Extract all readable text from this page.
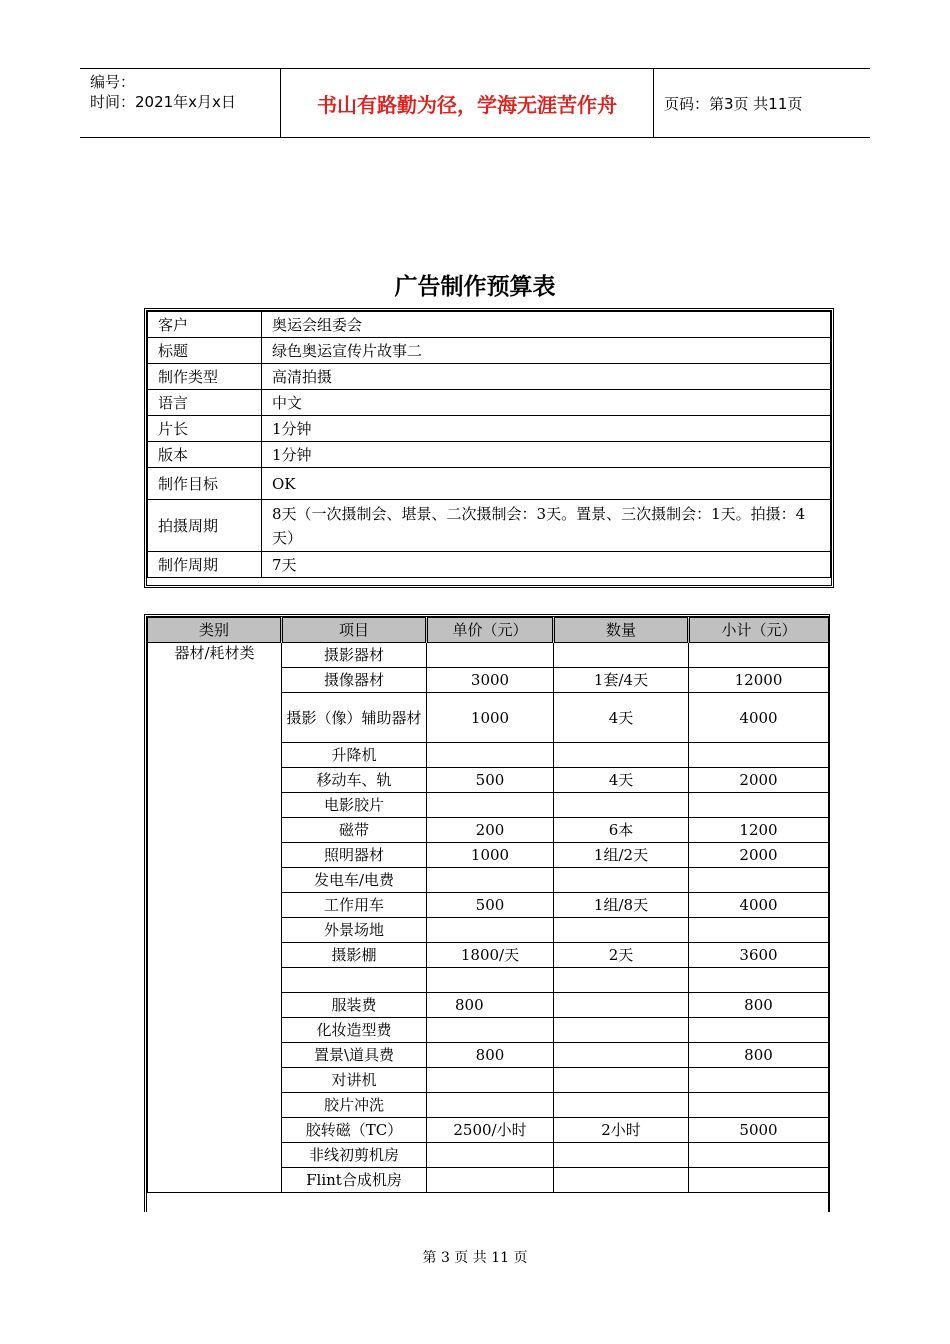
编号：
时间：2021年x月x日	书山有路勤为径，学海无涯苦作舟	页码：第3页 共11页
广告制作预算表
客户	奥运会组委会
标题	绿色奥运宣传片故事二
制作类型	高清拍摄
语言	中文
片长	1分钟
版本	1分钟
制作目标	OK
拍摄周期	8天（一次摄制会、堪景、二次摄制会：3天。置景、三次摄制会：1天。拍摄：4天）
制作周期	7天
类别	项目	单价（元）	数量	小计（元）
器材/耗材类	摄影器材			
	摄像器材	3000	1套/4天	12000
	摄影（像）辅助器材	1000	4天	4000
	升降机			
	移动车、轨	500	4天	2000
	电影胶片			
	磁带	200	6本	1200
	照明器材	1000	1组/2天	2000
	发电车/电费			
	工作用车	500	1组/8天	4000
	外景场地			
	摄影棚	1800/天	2天	3600

	服装费	800		800
	化妆造型费			
	置景\道具费	800		800
	对讲机			
	胶片冲洗			
	胶转磁（TC）	2500/小时	2小时	5000
	非线初剪机房			
	Flint合成机房			
第 3 页 共 11 页
